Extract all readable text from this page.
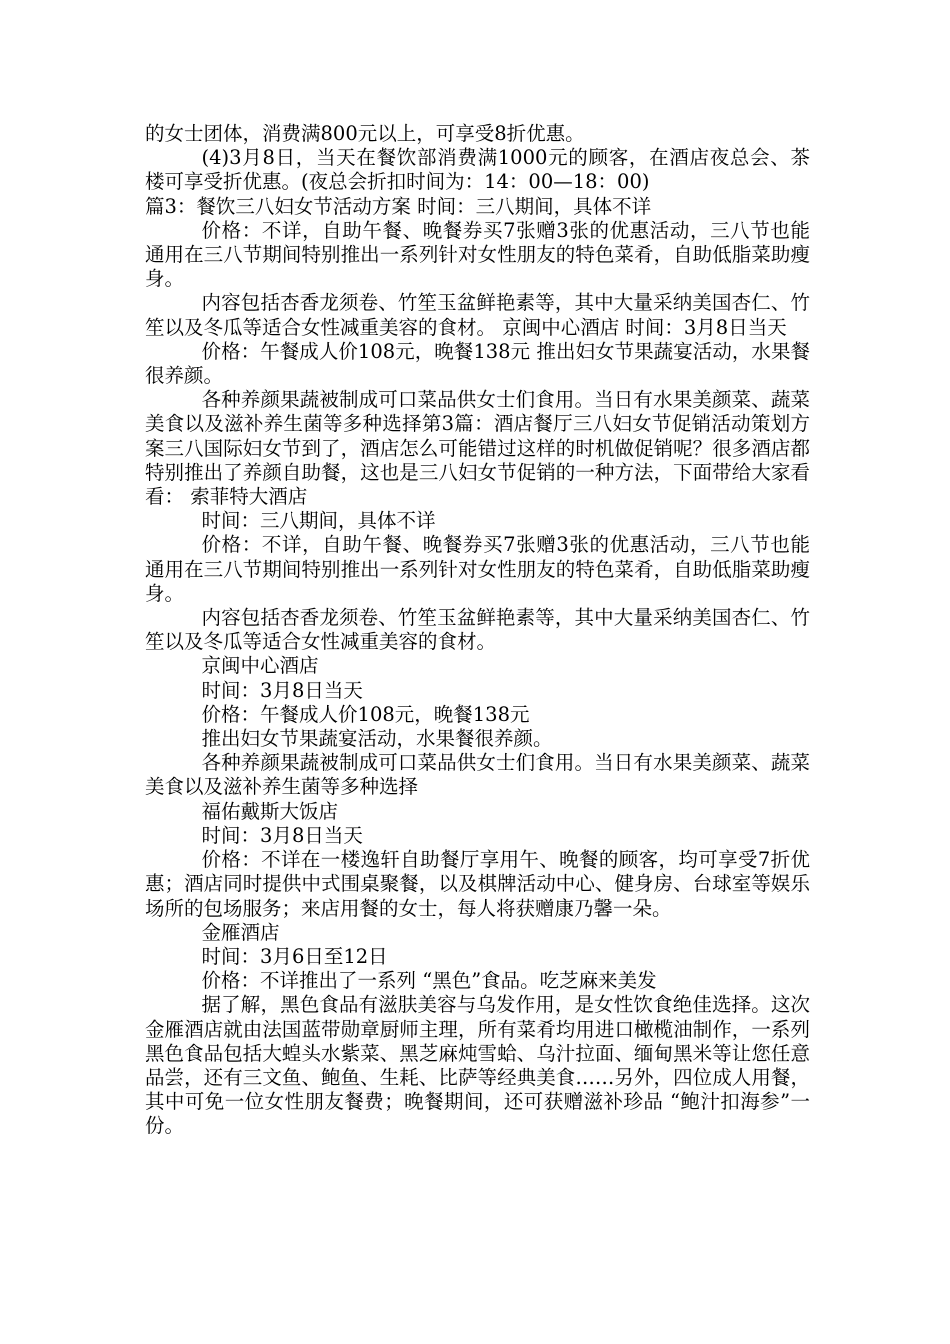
的女士团体，消费满800元以上，可享受8折优惠。

(4)3月8日，当天在餐饮部消费满1000元的顾客，在酒店夜总会、茶楼可享受折优惠。(夜总会折扣时间为：14：00—18：00)

篇3：餐饮三八妇女节活动方案 时间：三八期间，具体不详

价格：不详，自助午餐、晚餐券买7张赠3张的优惠活动，三八节也能通用在三八节期间特别推出一系列针对女性朋友的特色菜肴，自助低脂菜助瘦身。

内容包括杏香龙须卷、竹笙玉盆鲜艳素等，其中大量采纳美国杏仁、竹笙以及冬瓜等适合女性减重美容的食材。 京闽中心酒店 时间：3月8日当天

价格：午餐成人价108元，晚餐138元 推出妇女节果蔬宴活动，水果餐很养颜。

各种养颜果蔬被制成可口菜品供女士们食用。当日有水果美颜菜、蔬菜美食以及滋补养生菌等多种选择第3篇：酒店餐厅三八妇女节促销活动策划方案三八国际妇女节到了，酒店怎么可能错过这样的时机做促销呢？很多酒店都特别推出了养颜自助餐，这也是三八妇女节促销的一种方法，下面带给大家看看： 索菲特大酒店

时间：三八期间，具体不详

价格：不详，自助午餐、晚餐券买7张赠3张的优惠活动，三八节也能通用在三八节期间特别推出一系列针对女性朋友的特色菜肴，自助低脂菜助瘦身。

内容包括杏香龙须卷、竹笙玉盆鲜艳素等，其中大量采纳美国杏仁、竹笙以及冬瓜等适合女性减重美容的食材。

京闽中心酒店

时间：3月8日当天

价格：午餐成人价108元，晚餐138元

推出妇女节果蔬宴活动，水果餐很养颜。

各种养颜果蔬被制成可口菜品供女士们食用。当日有水果美颜菜、蔬菜美食以及滋补养生菌等多种选择

福佑戴斯大饭店

时间：3月8日当天

价格：不详在一楼逸轩自助餐厅享用午、晚餐的顾客，均可享受7折优惠；酒店同时提供中式围桌聚餐，以及棋牌活动中心、健身房、台球室等娱乐场所的包场服务；来店用餐的女士，每人将获赠康乃馨一朵。

金雁酒店

时间：3月6日至12日

价格：不详推出了一系列 “黑色”食品。吃芝麻来美发

据了解，黑色食品有滋肤美容与乌发作用，是女性饮食绝佳选择。这次金雁酒店就由法国蓝带勋章厨师主理，所有菜肴均用进口橄榄油制作，一系列黑色食品包括大蝗头水紫菜、黑芝麻炖雪蛤、乌汁拉面、缅甸黑米等让您任意品尝，还有三文鱼、鲍鱼、生耗、比萨等经典美食……另外，四位成人用餐，其中可免一位女性朋友餐费；晚餐期间，还可获赠滋补珍品 “鲍汁扣海参”一份。
